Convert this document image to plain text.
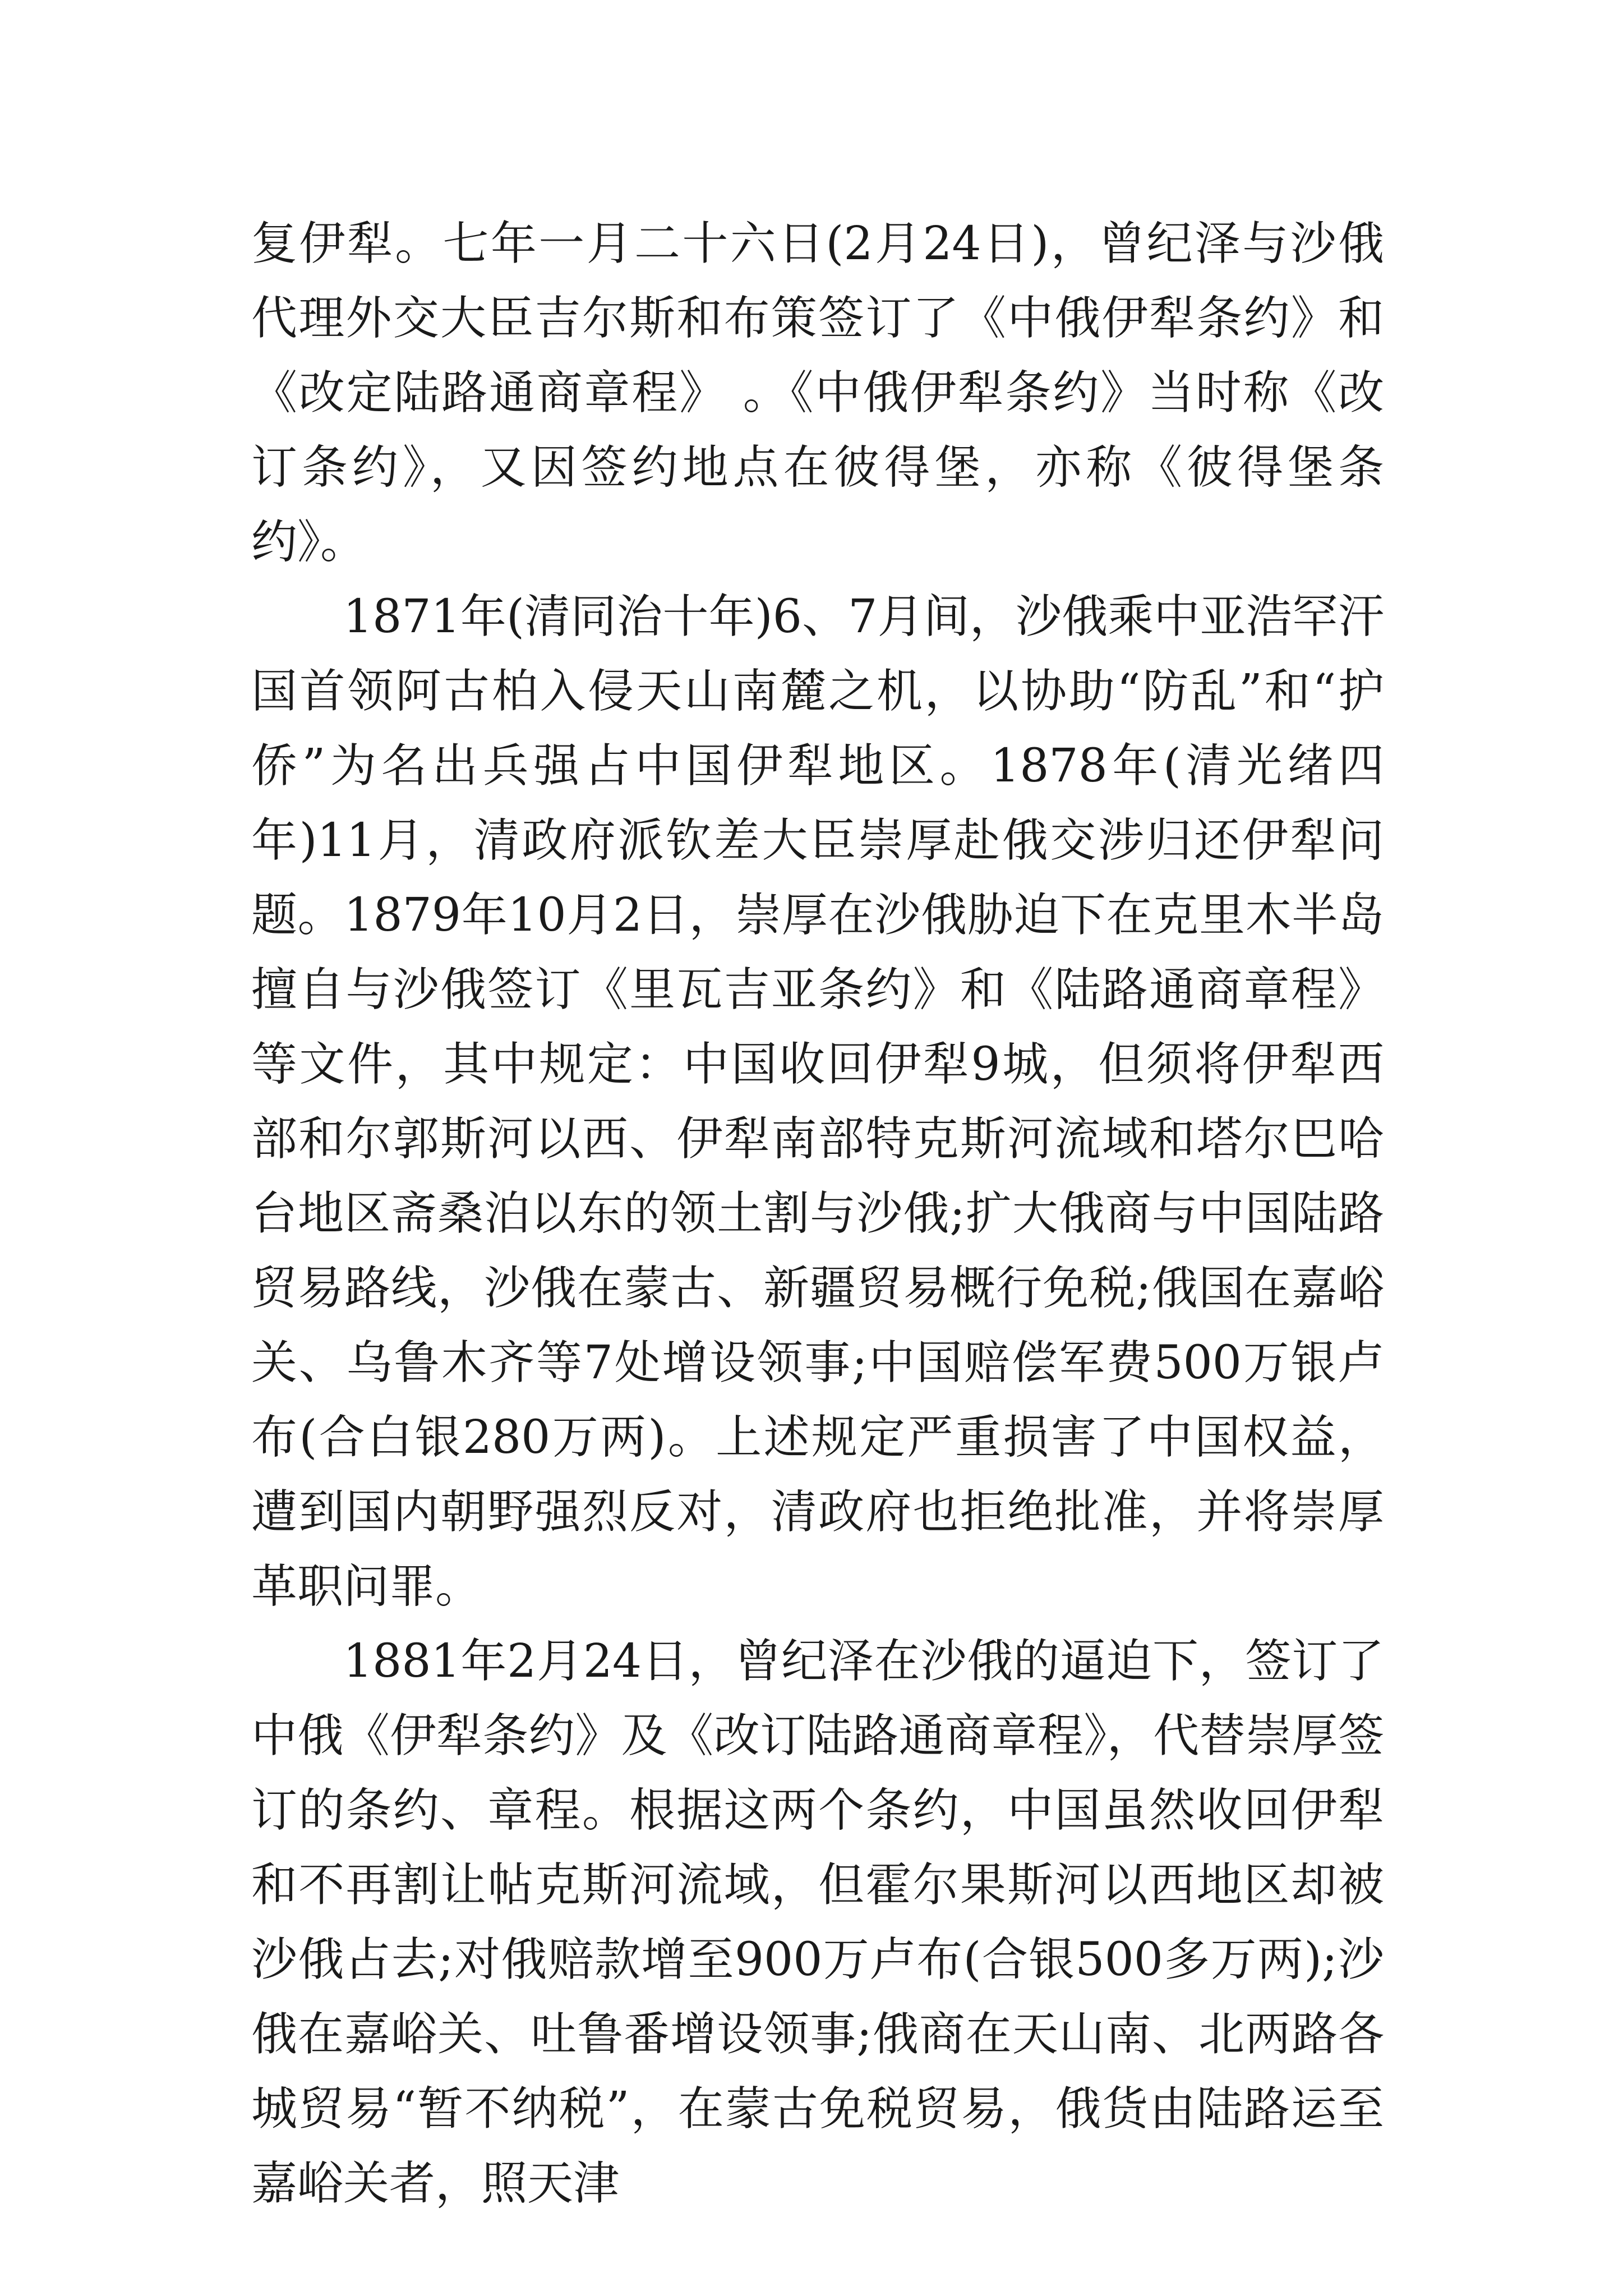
复伊犁。七年一月二十六日(2月24日)，曾纪泽与沙俄代理外交大臣吉尔斯和布策签订了《中俄伊犁条约》和《改定陆路通商章程》 。《中俄伊犁条约》当时称《改订条约》，又因签约地点在彼得堡，亦称《彼得堡条约》。

1871年(清同治十年)6、7月间，沙俄乘中亚浩罕汗国首领阿古柏入侵天山南麓之机，以协助“防乱”和“护侨”为名出兵强占中国伊犁地区。1878年(清光绪四年)11月，清政府派钦差大臣崇厚赴俄交涉归还伊犁问题。1879年10月2日，崇厚在沙俄胁迫下在克里木半岛擅自与沙俄签订《里瓦吉亚条约》和《陆路通商章程》等文件，其中规定：中国收回伊犁9城，但须将伊犁西部和尔郭斯河以西、伊犁南部特克斯河流域和塔尔巴哈台地区斋桑泊以东的领土割与沙俄;扩大俄商与中国陆路贸易路线，沙俄在蒙古、新疆贸易概行免税;俄国在嘉峪关、乌鲁木齐等7处增设领事;中国赔偿军费500万银卢布(合白银280万两)。上述规定严重损害了中国权益，遭到国内朝野强烈反对，清政府也拒绝批准，并将崇厚革职问罪。

1881年2月24日，曾纪泽在沙俄的逼迫下，签订了中俄《伊犁条约》及《改订陆路通商章程》，代替崇厚签订的条约、章程。根据这两个条约，中国虽然收回伊犁和不再割让帖克斯河流域，但霍尔果斯河以西地区却被沙俄占去;对俄赔款增至900万卢布(合银500多万两);沙俄在嘉峪关、吐鲁番增设领事;俄商在天山南、北两路各城贸易“暂不纳税”，在蒙古免税贸易，俄货由陆路运至嘉峪关者，照天津
